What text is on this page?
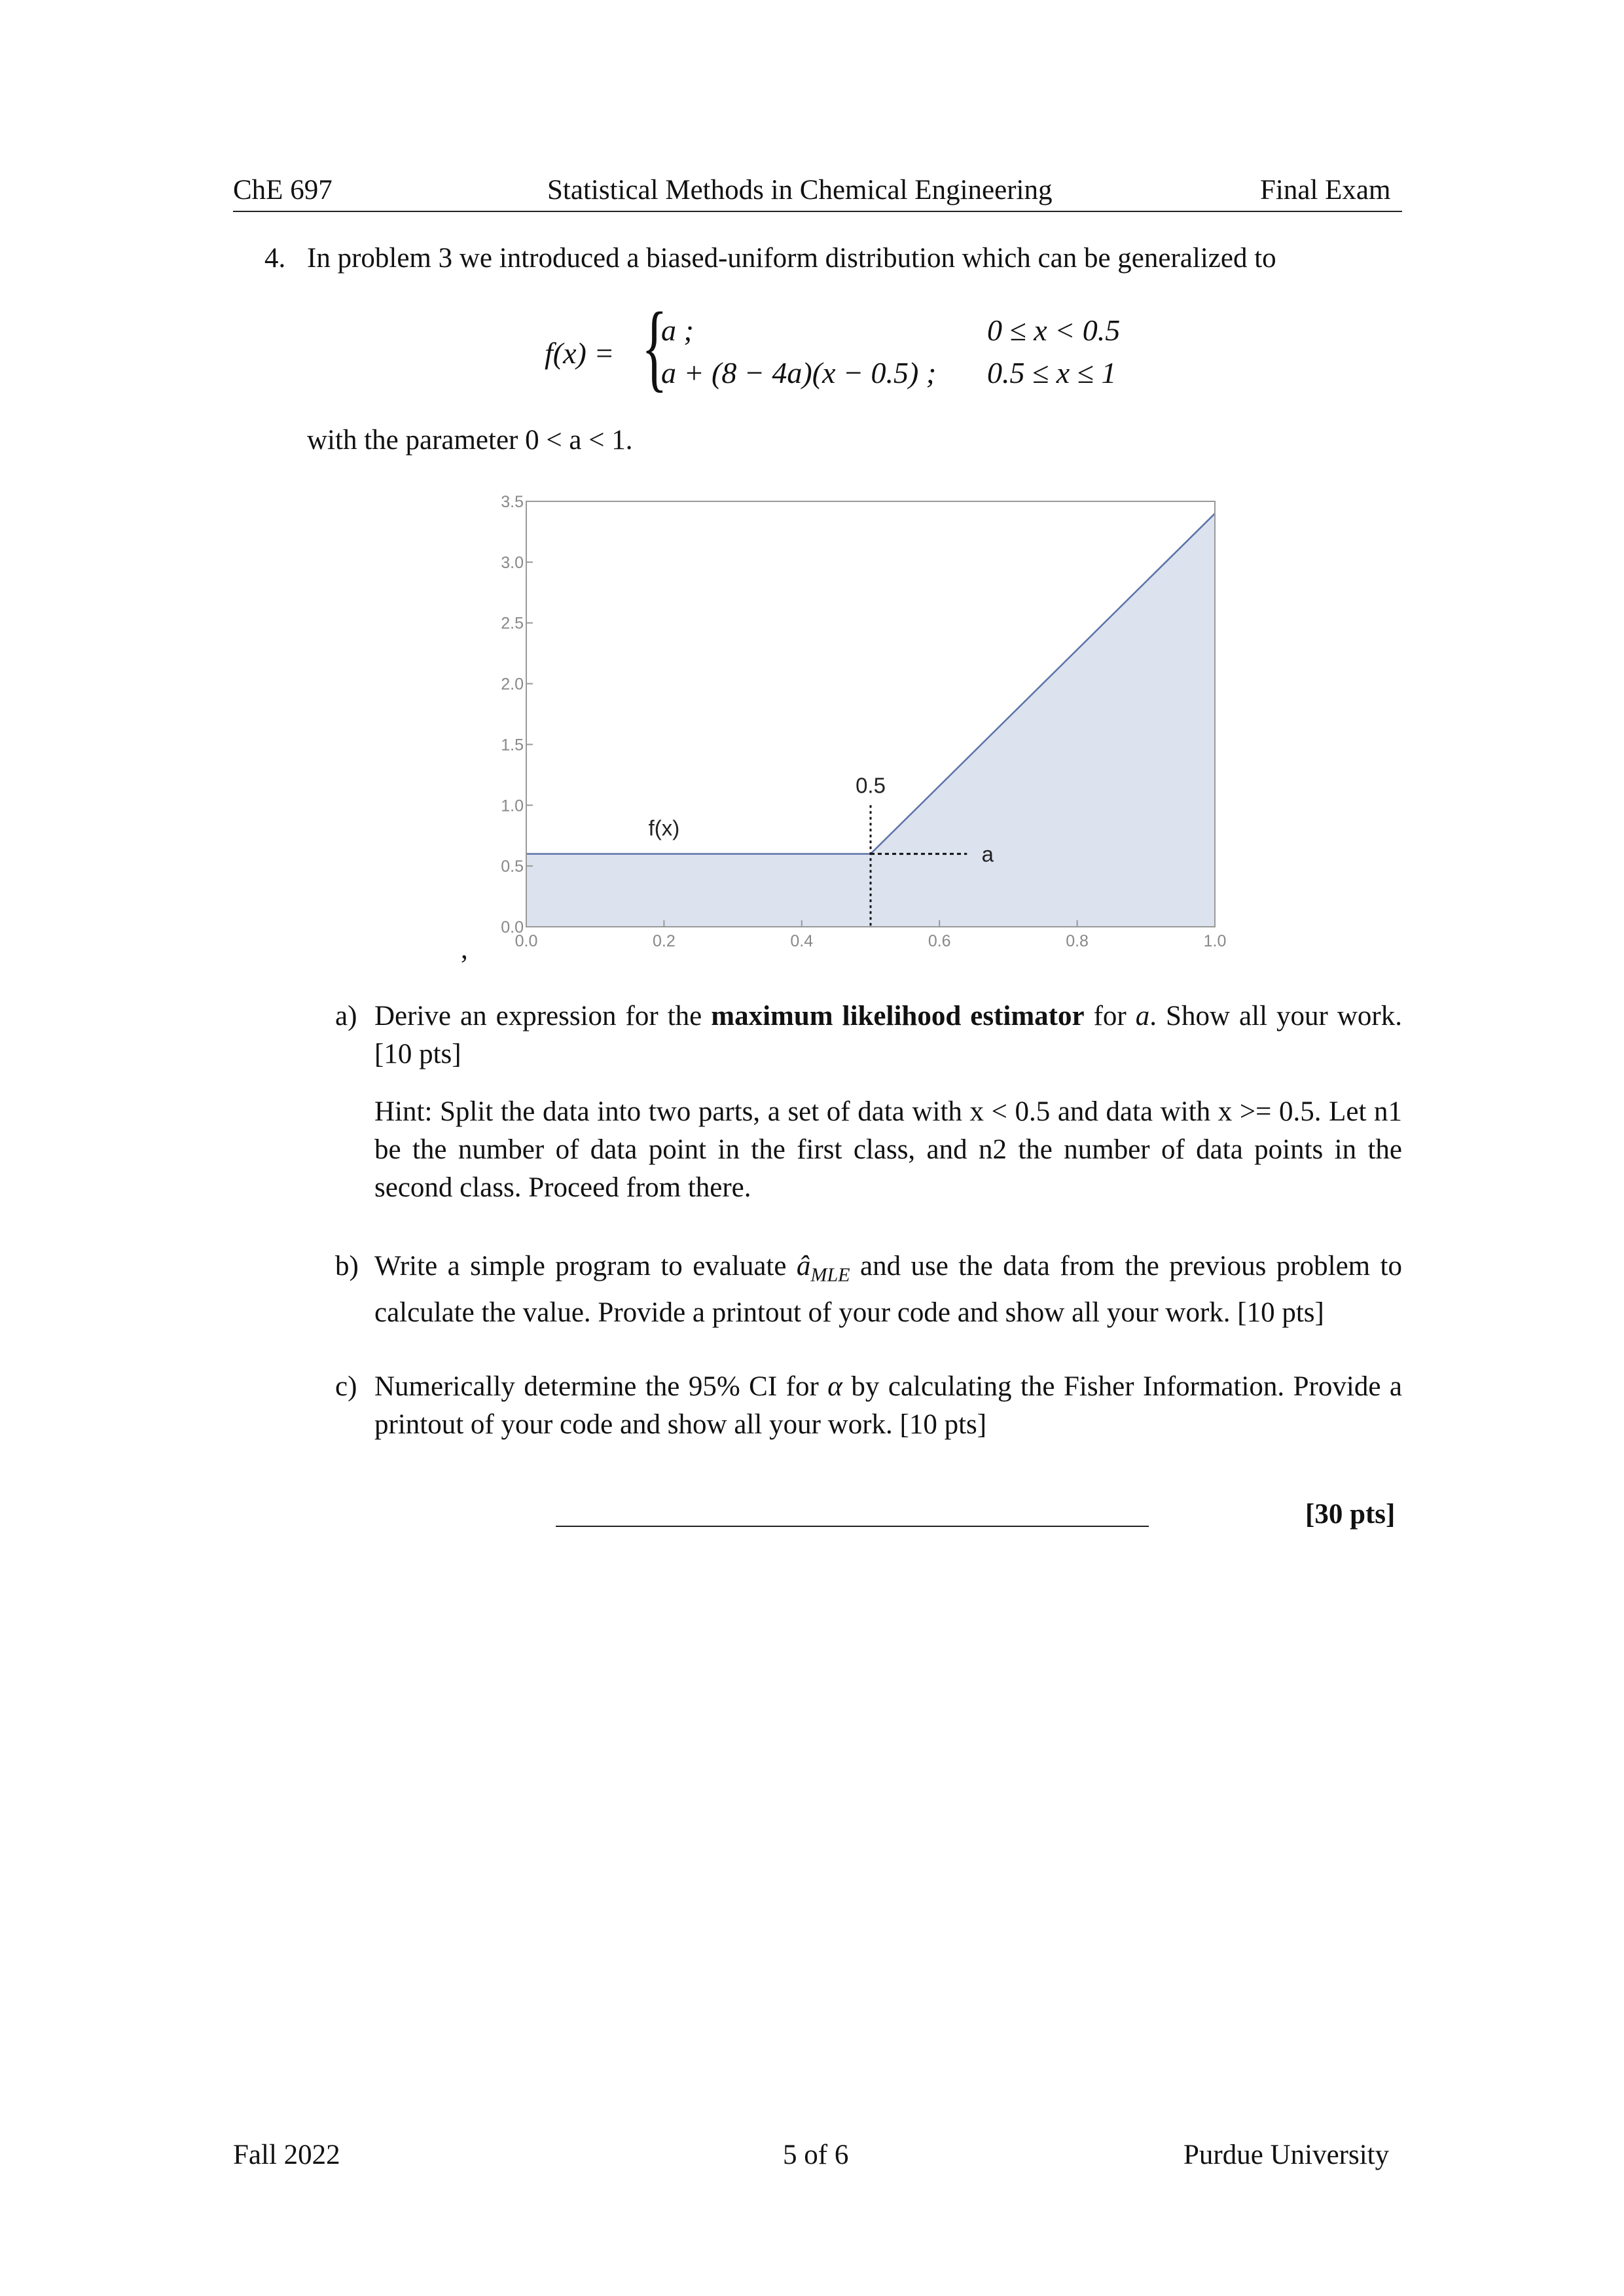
ChE 697	Statistical Methods in Chemical Engineering	Final Exam
4. In problem 3 we introduced a biased-uniform distribution which can be generalized to
f(x) = {
a ;	0 ≤ x < 0.5
a + (8 − 4a)(x − 0.5) ; 0.5 ≤ x ≤ 1
with the parameter 0 < a < 1.
0.0	0.2	0.4	0.6	0.8	1.0
0.0
0.5
1.0
1.5
2.0
2.5
3.0
3.5
f(x)
0.5
a
,
a) Derive an expression for the maximum likelihood estimator for a. Show all your work. [10 pts]
Hint: Split the data into two parts, a set of data with x < 0.5 and data with x >= 0.5. Let n1 be the number of data point in the first class, and n2 the number of data points in the second class. Proceed from there.
b) Write a simple program to evaluate $â_{MLE}$ and use the data from the previous problem to calculate the value. Provide a printout of your code and show all your work. [10 pts]
c) Numerically determine the 95% CI for α by calculating the Fisher Information. Provide a printout of your code and show all your work. [10 pts]
[30 pts]
Fall 2022	5 of 6	Purdue University
